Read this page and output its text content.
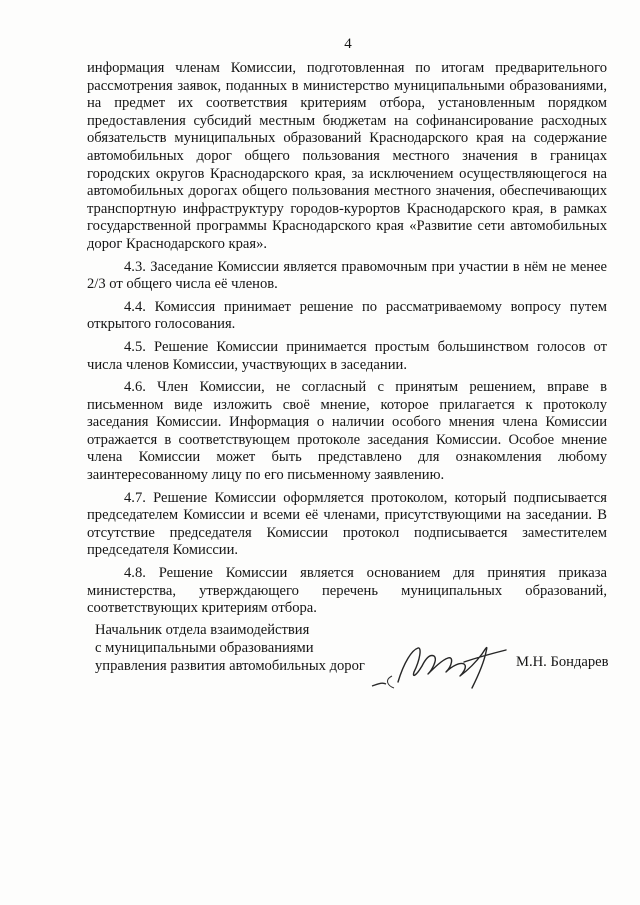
4

информация членам Комиссии, подготовленная по итогам предварительного рассмотрения заявок, поданных в министерство муниципальными образованиями, на предмет их соответствия критериям отбора, установленным порядком предоставления субсидий местным бюджетам на софинансирование расходных обязательств муниципальных образований Краснодарского края на содержание автомобильных дорог общего пользования местного значения в границах городских округов Краснодарского края, за исключением осуществляющегося на автомобильных дорогах общего пользования местного значения, обеспечивающих транспортную инфраструктуру городов-курортов Краснодарского края, в рамках государственной программы Краснодарского края «Развитие сети автомобильных дорог Краснодарского края».

4.3. Заседание Комиссии является правомочным при участии в нём не менее 2/3 от общего числа её членов.

4.4. Комиссия принимает решение по рассматриваемому вопросу путем открытого голосования.

4.5. Решение Комиссии принимается простым большинством голосов от числа членов Комиссии, участвующих в заседании.

4.6. Член Комиссии, не согласный с принятым решением, вправе в письменном виде изложить своё мнение, которое прилагается к протоколу заседания Комиссии. Информация о наличии особого мнения члена Комиссии отражается в соответствующем протоколе заседания Комиссии. Особое мнение члена Комиссии может быть представлено для ознакомления любому заинтересованному лицу по его письменному заявлению.

4.7. Решение Комиссии оформляется протоколом, который подписывается председателем Комиссии и всеми её членами, присутствующими на заседании. В отсутствие председателя Комиссии протокол подписывается заместителем председателя Комиссии.

4.8. Решение Комиссии является основанием для принятия приказа министерства, утверждающего перечень муниципальных образований, соответствующих критериям отбора.

Начальник отдела взаимодействия
с муниципальными образованиями
управления развития автомобильных дорог	М.Н. Бондарев
